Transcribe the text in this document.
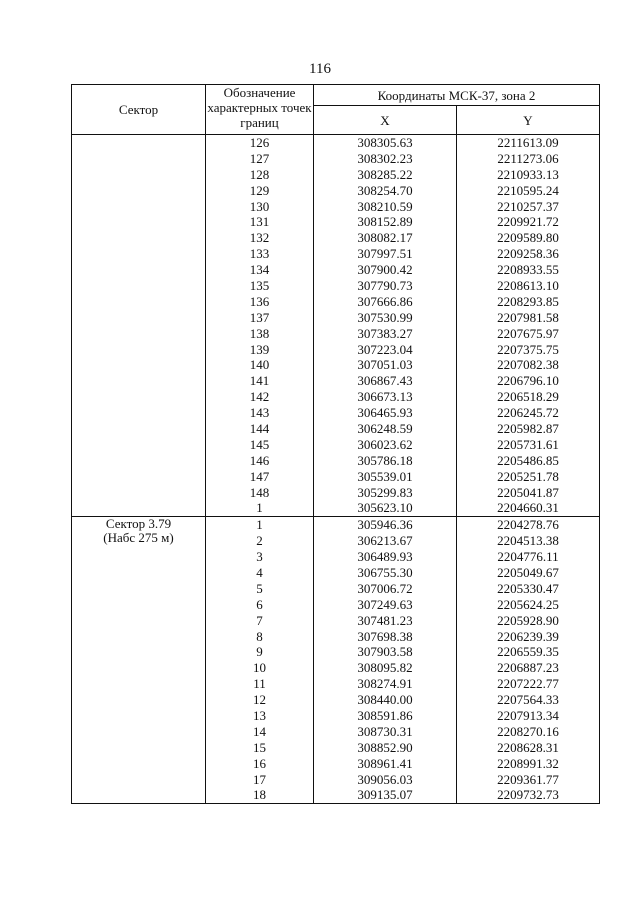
116
Сектор	Обозначение характерных точек границ	Координаты МСК-37, зона 2	
		X	Y
	126	308305.63	2211613.09
	127	308302.23	2211273.06
	128	308285.22	2210933.13
	129	308254.70	2210595.24
	130	308210.59	2210257.37
	131	308152.89	2209921.72
	132	308082.17	2209589.80
	133	307997.51	2209258.36
	134	307900.42	2208933.55
	135	307790.73	2208613.10
	136	307666.86	2208293.85
	137	307530.99	2207981.58
	138	307383.27	2207675.97
	139	307223.04	2207375.75
	140	307051.03	2207082.38
	141	306867.43	2206796.10
	142	306673.13	2206518.29
	143	306465.93	2206245.72
	144	306248.59	2205982.87
	145	306023.62	2205731.61
	146	305786.18	2205486.85
	147	305539.01	2205251.78
	148	305299.83	2205041.87
	1	305623.10	2204660.31

Сектор 3.79
(Набс 275 м)	1	305946.36	2204278.76
	2	306213.67	2204513.38
	3	306489.93	2204776.11
	4	306755.30	2205049.67
	5	307006.72	2205330.47
	6	307249.63	2205624.25
	7	307481.23	2205928.90
	8	307698.38	2206239.39
	9	307903.58	2206559.35
	10	308095.82	2206887.23
	11	308274.91	2207222.77
	12	308440.00	2207564.33
	13	308591.86	2207913.34
	14	308730.31	2208270.16
	15	308852.90	2208628.31
	16	308961.41	2208991.32
	17	309056.03	2209361.77
	18	309135.07	2209732.73
